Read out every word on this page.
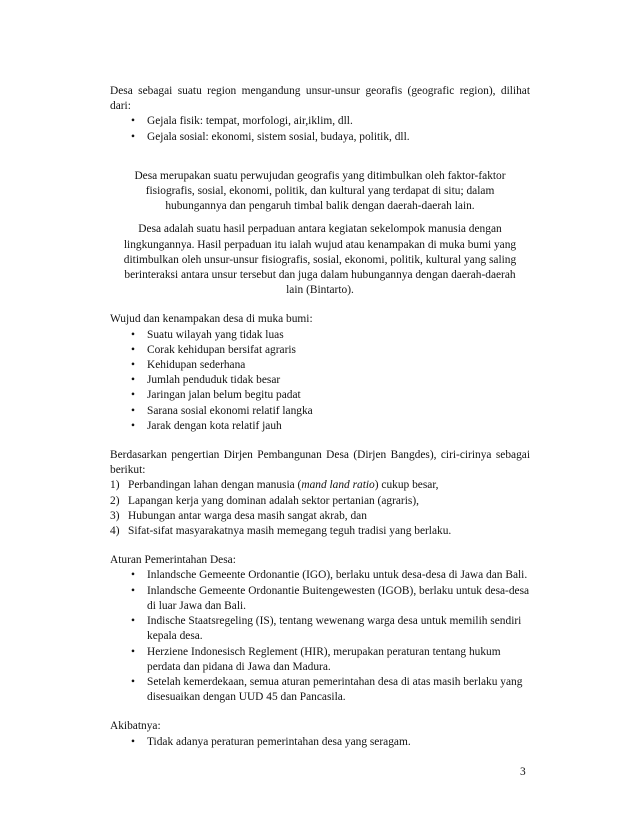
Desa sebagai suatu region mengandung unsur-unsur georafis (geografic region), dilihat dari:

• Gejala fisik: tempat, morfologi, air,iklim, dll.
• Gejala sosial: ekonomi, sistem sosial, budaya, politik, dll.

Desa merupakan suatu perwujudan geografis yang ditimbulkan oleh faktor-faktor fisiografis, sosial, ekonomi, politik, dan kultural yang terdapat di situ; dalam hubungannya dan pengaruh timbal balik dengan daerah-daerah lain.

Desa adalah suatu hasil perpaduan antara kegiatan sekelompok manusia dengan lingkungannya. Hasil perpaduan itu ialah wujud atau kenampakan di muka bumi yang ditimbulkan oleh unsur-unsur fisiografis, sosial, ekonomi, politik, kultural yang saling berinteraksi antara unsur tersebut dan juga dalam hubungannya dengan daerah-daerah lain (Bintarto).

Wujud dan kenampakan desa di muka bumi:

• Suatu wilayah yang tidak luas
• Corak kehidupan bersifat agraris
• Kehidupan sederhana
• Jumlah penduduk tidak besar
• Jaringan jalan belum begitu padat
• Sarana sosial ekonomi relatif langka
• Jarak dengan kota relatif jauh

Berdasarkan pengertian Dirjen Pembangunan Desa (Dirjen Bangdes), ciri-cirinya sebagai berikut:

1) Perbandingan lahan dengan manusia (mand land ratio) cukup besar,
2) Lapangan kerja yang dominan adalah sektor pertanian (agraris),
3) Hubungan antar warga desa masih sangat akrab, dan
4) Sifat-sifat masyarakatnya masih memegang teguh tradisi yang berlaku.

Aturan Pemerintahan Desa:

• Inlandsche Gemeente Ordonantie (IGO), berlaku untuk desa-desa di Jawa dan Bali.
• Inlandsche Gemeente Ordonantie Buitengewesten (IGOB), berlaku untuk desa-desa di luar Jawa dan Bali.
• Indische Staatsregeling (IS), tentang wewenang warga desa untuk memilih sendiri kepala desa.
• Herziene Indonesisch Reglement (HIR), merupakan peraturan tentang hukum perdata dan pidana di Jawa dan Madura.
• Setelah kemerdekaan, semua aturan pemerintahan desa di atas masih berlaku yang disesuaikan dengan UUD 45 dan Pancasila.

Akibatnya:

• Tidak adanya peraturan pemerintahan desa yang seragam.
3
